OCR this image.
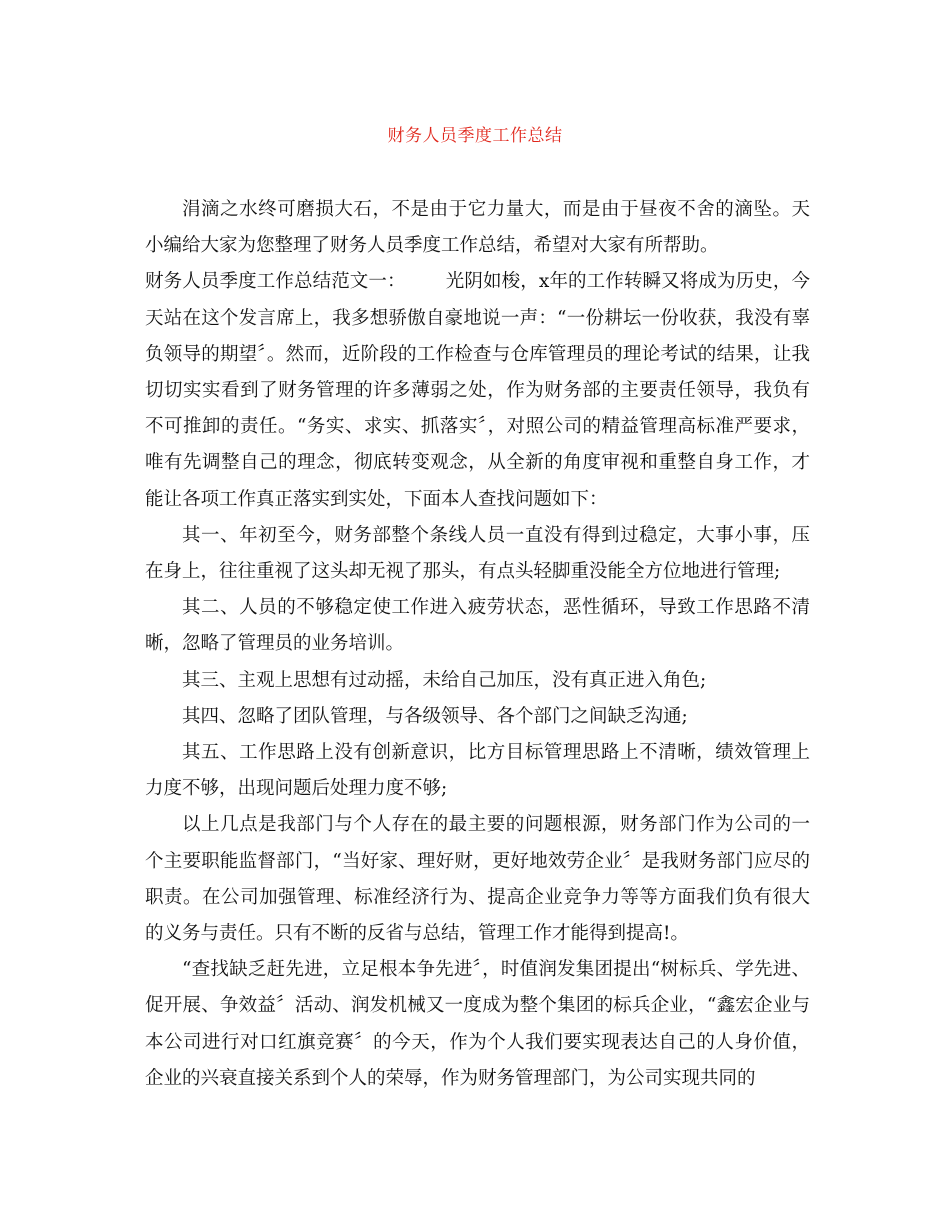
财务人员季度工作总结

涓滴之水终可磨损大石，不是由于它力量大，而是由于昼夜不舍的滴坠。天小编给大家为您整理了财务人员季度工作总结，希望对大家有所帮助。

财务人员季度工作总结范文一： 光阴如梭，x年的工作转瞬又将成为历史，今天站在这个发言席上，我多想骄傲自豪地说一声：“一份耕坛一份收获，我没有辜负领导的期望〞。然而，近阶段的工作检查与仓库管理员的理论考试的结果，让我切切实实看到了财务管理的许多薄弱之处，作为财务部的主要责任领导，我负有不可推卸的责任。“务实、求实、抓落实〞，对照公司的精益管理高标准严要求，唯有先调整自己的理念，彻底转变观念，从全新的角度审视和重整自身工作，才能让各项工作真正落实到实处，下面本人查找问题如下：

其一、年初至今，财务部整个条线人员一直没有得到过稳定，大事小事，压在身上，往往重视了这头却无视了那头，有点头轻脚重没能全方位地进行管理;

其二、人员的不够稳定使工作进入疲劳状态，恶性循环，导致工作思路不清晰，忽略了管理员的业务培训。

其三、主观上思想有过动摇，未给自己加压，没有真正进入角色;

其四、忽略了团队管理，与各级领导、各个部门之间缺乏沟通;

其五、工作思路上没有创新意识，比方目标管理思路上不清晰，绩效管理上力度不够，出现问题后处理力度不够;

以上几点是我部门与个人存在的最主要的问题根源，财务部门作为公司的一个主要职能监督部门，“当好家、理好财，更好地效劳企业〞是我财务部门应尽的职责。在公司加强管理、标准经济行为、提高企业竞争力等等方面我们负有很大的义务与责任。只有不断的反省与总结，管理工作才能得到提高!。

“查找缺乏赶先进，立足根本争先进〞，时值润发集团提出“树标兵、学先进、促开展、争效益〞活动、润发机械又一度成为整个集团的标兵企业，“鑫宏企业与本公司进行对口红旗竞赛〞的今天，作为个人我们要实现表达自己的人身价值，企业的兴衰直接关系到个人的荣辱，作为财务管理部门，为公司实现共同的
